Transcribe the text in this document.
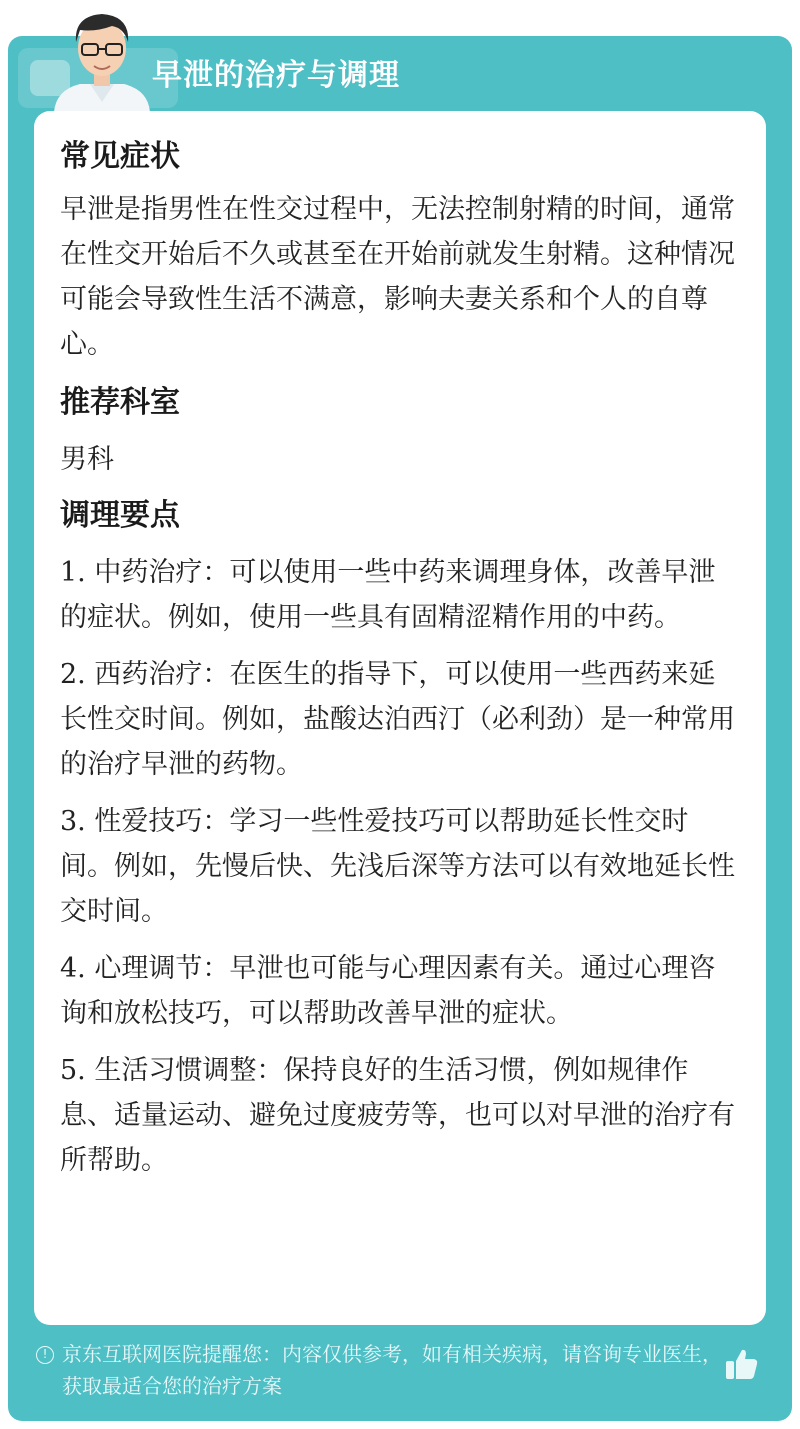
早泄的治疗与调理
常见症状
早泄是指男性在性交过程中，无法控制射精的时间，通常在性交开始后不久或甚至在开始前就发生射精。这种情况可能会导致性生活不满意，影响夫妻关系和个人的自尊心。
推荐科室
男科
调理要点
1. 中药治疗：可以使用一些中药来调理身体，改善早泄的症状。例如，使用一些具有固精涩精作用的中药。
2. 西药治疗：在医生的指导下，可以使用一些西药来延长性交时间。例如，盐酸达泊西汀（必利劲）是一种常用的治疗早泄的药物。
3. 性爱技巧：学习一些性爱技巧可以帮助延长性交时间。例如，先慢后快、先浅后深等方法可以有效地延长性交时间。
4. 心理调节：早泄也可能与心理因素有关。通过心理咨询和放松技巧，可以帮助改善早泄的症状。
5. 生活习惯调整：保持良好的生活习惯，例如规律作息、适量运动、避免过度疲劳等，也可以对早泄的治疗有所帮助。
! 京东互联网医院提醒您：内容仅供参考，如有相关疾病，请咨询专业医生，获取最适合您的治疗方案
